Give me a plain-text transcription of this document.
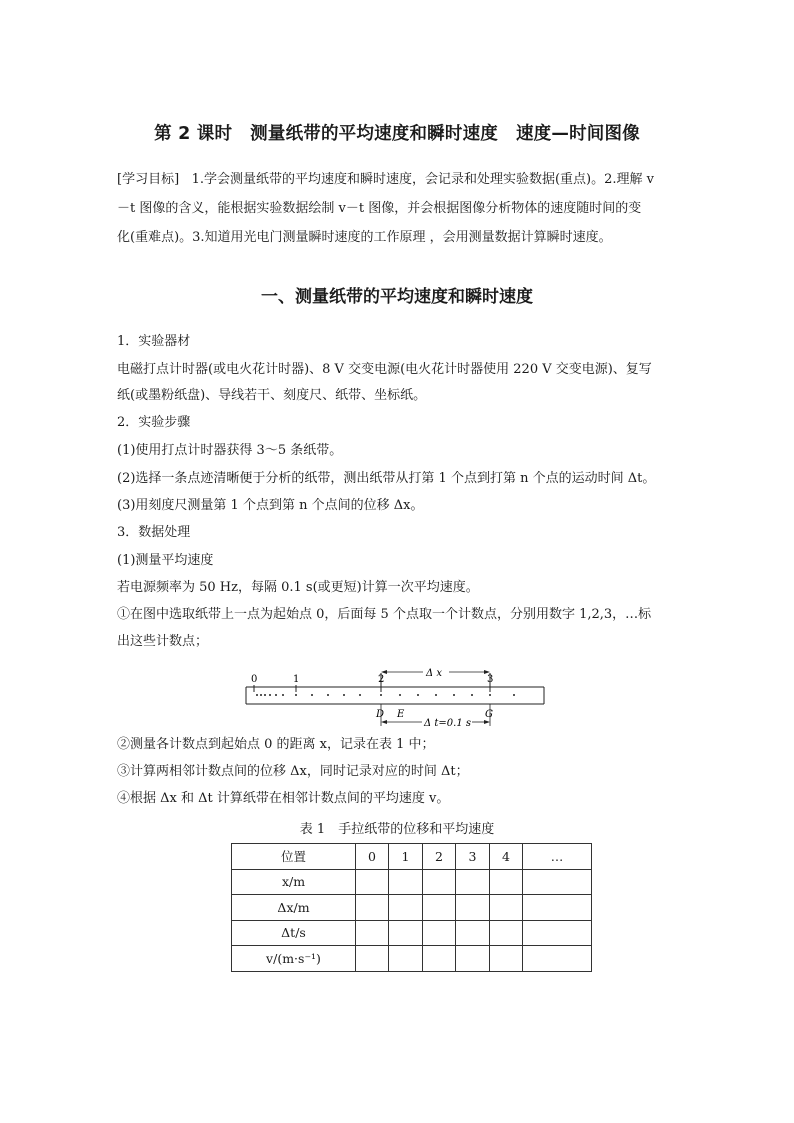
第 2 课时 测量纸带的平均速度和瞬时速度 速度—时间图像
[学习目标] 1.学会测量纸带的平均速度和瞬时速度，会记录和处理实验数据(重点)。2.理解 v
－t 图像的含义，能根据实验数据绘制 v－t 图像，并会根据图像分析物体的速度随时间的变
化(重难点)。3.知道用光电门测量瞬时速度的工作原理 ，会用测量数据计算瞬时速度。
一、测量纸带的平均速度和瞬时速度
1．实验器材
电磁打点计时器(或电火花计时器)、8 V 交变电源(电火花计时器使用 220 V 交变电源)、复写
纸(或墨粉纸盘)、导线若干、刻度尺、纸带、坐标纸。
2．实验步骤
(1)使用打点计时器获得 3～5 条纸带。
(2)选择一条点迹清晰便于分析的纸带，测出纸带从打第 1 个点到打第 n 个点的运动时间 Δt。
(3)用刻度尺测量第 1 个点到第 n 个点间的位移 Δx。
3．数据处理
(1)测量平均速度
若电源频率为 50 Hz，每隔 0.1 s(或更短)计算一次平均速度。
①在图中选取纸带上一点为起始点 0，后面每 5 个点取一个计数点，分别用数字 1,2,3，…标
出这些计数点；
0	1	2	3
Δ x
Δ t=0.1 s
D E	G
②测量各计数点到起始点 0 的距离 x，记录在表 1 中；
③计算两相邻计数点间的位移 Δx，同时记录对应的时间 Δt；
④根据 Δx 和 Δt 计算纸带在相邻计数点间的平均速度 v。
表 1　手拉纸带的位移和平均速度
位置	0	1	2	3	4	…
x/m						
Δx/m						
Δt/s						
v/(m·s⁻¹)						
